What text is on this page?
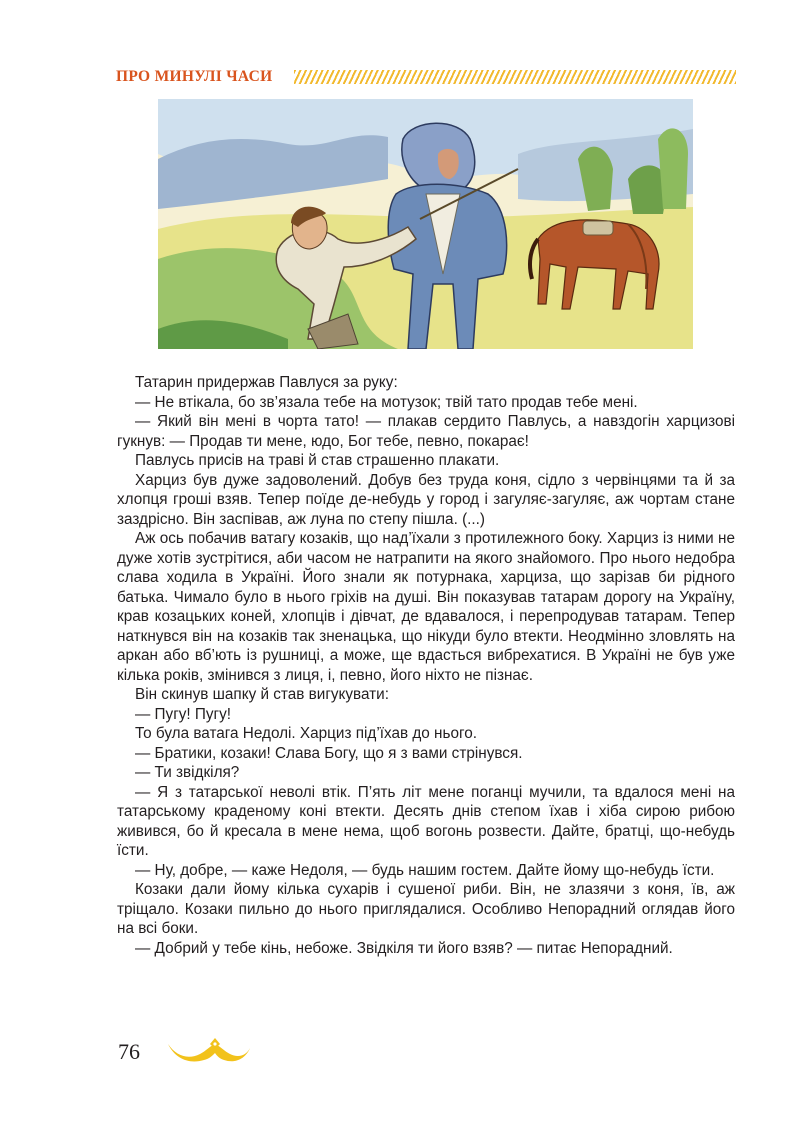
ПРО МИНУЛІ ЧАСИ

Татарин придержав Павлуся за руку:

— Не втікала, бо зв’язала тебе на мотузок; твій тато продав тебе мені.

— Який він мені в чорта тато! — плакав сердито Павлусь, а навздогін харцизові гукнув: — Продав ти мене, юдо, Бог тебе, певно, покарає!

Павлусь присів на траві й став страшенно плакати.

Харциз був дуже задоволений. Добув без труда коня, сідло з червінцями та й за хлопця гроші взяв. Тепер поїде де-небудь у город і загуляє-загуляє, аж чортам стане заздрісно. Він заспівав, аж луна по степу пішла. (...)

Аж ось побачив ватагу козаків, що над’їхали з протилежного боку. Харциз із ними не дуже хотів зустрітися, аби часом не натрапити на якого знайомого. Про нього недобра слава ходила в Україні. Його знали як потурнака, харциза, що зарізав би рідного батька. Чимало було в нього гріхів на душі. Він показував татарам дорогу на Україну, крав козацьких коней, хлопців і дівчат, де вдавалося, і перепродував татарам. Тепер наткнувся він на козаків так зненацька, що нікуди було втекти. Неодмінно зловлять на аркан або вб’ють із рушниці, а може, ще вдасться вибрехатися. В Україні не був уже кілька років, змінився з лиця, і, певно, його ніхто не пізнає.

Він скинув шапку й став вигукувати:

— Пугу! Пугу!

То була ватага Недолі. Харциз під’їхав до нього.

— Братики, козаки! Слава Богу, що я з вами стрінувся.

— Ти звідкіля?

— Я з татарської неволі втік. П’ять літ мене поганці мучили, та вдалося мені на татарському краденому коні втекти. Десять днів степом їхав і хіба сирою рибою живився, бо й кресала в мене нема, щоб вогонь розвести. Дайте, братці, що-небудь їсти.

— Ну, добре, — каже Недоля, — будь нашим гостем. Дайте йому що-небудь їсти.

Козаки дали йому кілька сухарів і сушеної риби. Він, не злазячи з коня, їв, аж тріщало. Козаки пильно до нього приглядалися. Особливо Непорадний оглядав його на всі боки.

— Добрий у тебе кінь, небоже. Звідкіля ти його взяв? — питає Непорадний.

76
